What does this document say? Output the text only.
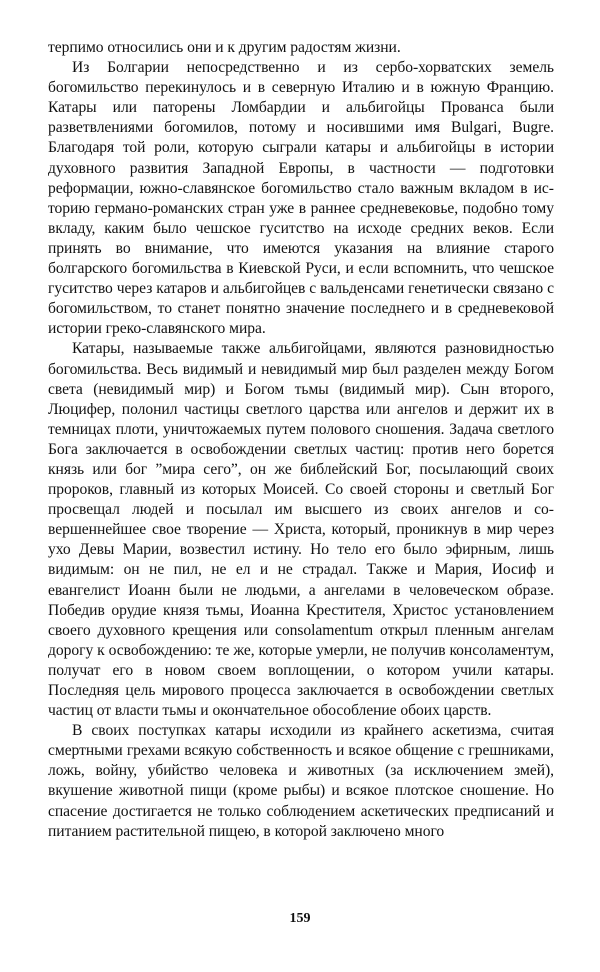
терпимо относились они и к другим радостям жизни.

Из Болгарии непосредственно и из сербо-хорватских земель богомильство перекинулось и в северную Италию и в южную Францию. Катары или паторены Ломбардии и альбигойцы Прованса были разветвлениями богомилов, потому и носившими имя Bulgari, Bugre. Благодаря той роли, которую сыграли катары и альбигойцы в истории духовного развития Западной Европы, в частности — подготовки реформации, южно-славянское богомильство стало важным вкладом в историю германо-романских стран уже в раннее средневековье, подобно тому вкладу, каким было чешское гуситство на исходе средних веков. Если принять во внимание, что имеются указания на влияние старого болгарского богомильства в Киевской Руси, и если вспомнить, что чешское гуситство через катаров и альбигойцев с вальденсами генетически связано с богомильством, то станет понятно значение последнего и в средневековой истории греко-славянского мира.

Катары, называемые также альбигойцами, являются разновидностью богомильства. Весь видимый и невидимый мир был разделен между Богом света (невидимый мир) и Богом тьмы (видимый мир). Сын второго, Люцифер, полонил частицы светлого царства или ангелов и держит их в темницах плоти, уничтожаемых путем полового сношения. Задача светлого Бога заключается в освобождении светлых частиц: против него борется князь или бог ”мира сего”, он же библейский Бог, посылающий своих пророков, главный из которых Моисей. Со своей стороны и светлый Бог просвещал людей и посылал им высшего из своих ангелов и совершеннейшее свое творение — Христа, который, проникнув в мир через ухо Девы Марии, возвестил истину. Но тело его было эфирным, лишь видимым: он не пил, не ел и не страдал. Также и Мария, Иосиф и евангелист Иоанн были не людьми, а ангелами в человеческом образе. Победив орудие князя тьмы, Иоанна Крестителя, Христос установлением своего духовного крещения или consolamentum открыл пленным ангелам дорогу к освобождению: те же, которые умерли, не получив консоламентум, получат его в новом своем воплощении, о котором учили катары. Последняя цель мирового процесса заключается в освобождении светлых частиц от власти тьмы и окончательное обособление обоих царств.

В своих поступках катары исходили из крайнего аскетизма, считая смертными грехами всякую собственность и всякое общение с грешниками, ложь, войну, убийство человека и животных (за исключением змей), вкушение животной пищи (кроме рыбы) и всякое плотское сношение. Но спасение достигается не только соблюдением аскетических предписаний и питанием растительной пищею, в которой заключено много

159
